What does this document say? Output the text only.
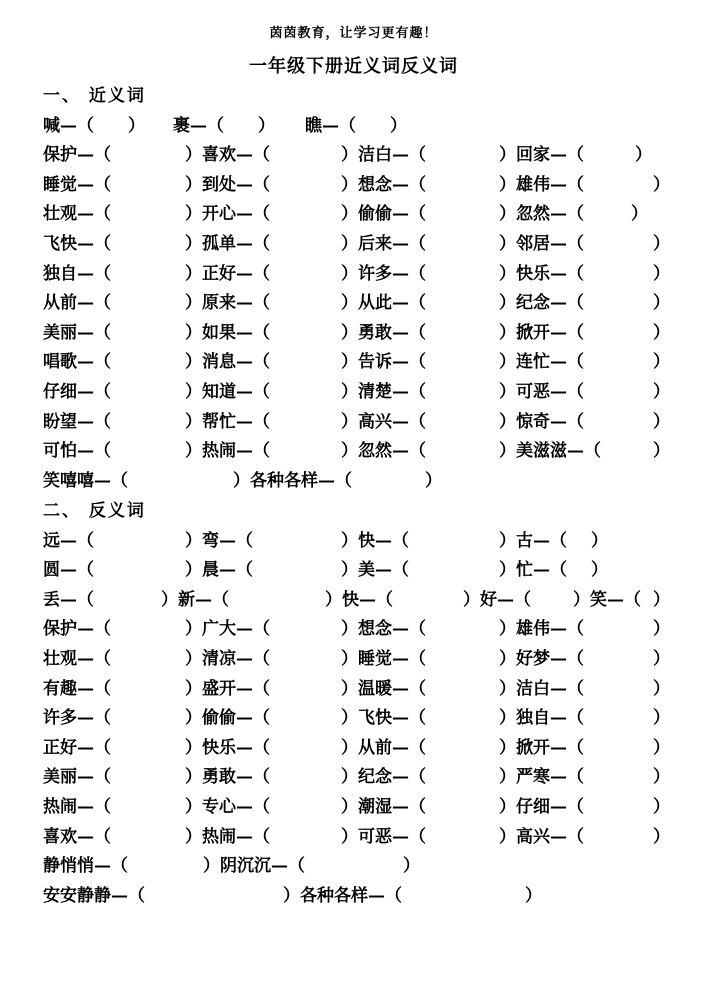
茵茵教育，让学习更有趣！
一年级下册近义词反义词
一、 近义词
喊—（　　） 裹—（　　） 瞧—（　　）
保护—（	）喜欢—（	）洁白—（	）回家—（	）
睡觉—（	）到处—（	）想念—（	）雄伟—（	）
壮观—（	）开心—（	）偷偷—（	）忽然—（	）
飞快—（	）孤单—（	）后来—（	）邻居—（	）
独自—（	）正好—（	）许多—（	）快乐—（	）
从前—（	）原来—（	）从此—（	）纪念—（	）
美丽—（	）如果—（	）勇敢—（	）掀开—（	）
唱歌—（	）消息—（	）告诉—（	）连忙—（	）
仔细—（	）知道—（	）清楚—（	）可恶—（	）
盼望—（	）帮忙—（	）高兴—（	）惊奇—（	）
可怕—（	）热闹—（	）忽然—（	）美滋滋—（	）
笑嘻嘻—（	）各种各样—（	）
二、 反义词
远—（	）弯—（	）快—（	）古—（ ）
圆—（	）晨—（	）美—（	）忙—（ ）
丢—（	）新—（	）快—（	）好—（ ）笑—（ ）
保护—（	）广大—（	）想念—（	）雄伟—（	）
壮观—（	）清凉—（	）睡觉—（	）好梦—（	）
有趣—（	）盛开—（	）温暖—（	）洁白—（	）
许多—（	）偷偷—（	）飞快—（	）独自—（	）
正好—（	）快乐—（	）从前—（	）掀开—（	）
美丽—（	）勇敢—（	）纪念—（	）严寒—（	）
热闹—（	）专心—（	）潮湿—（	）仔细—（	）
喜欢—（	）热闹—（	）可恶—（	）高兴—（	）
静悄悄—（	）阴沉沉—（	）
安安静静—（	）各种各样—（	）
